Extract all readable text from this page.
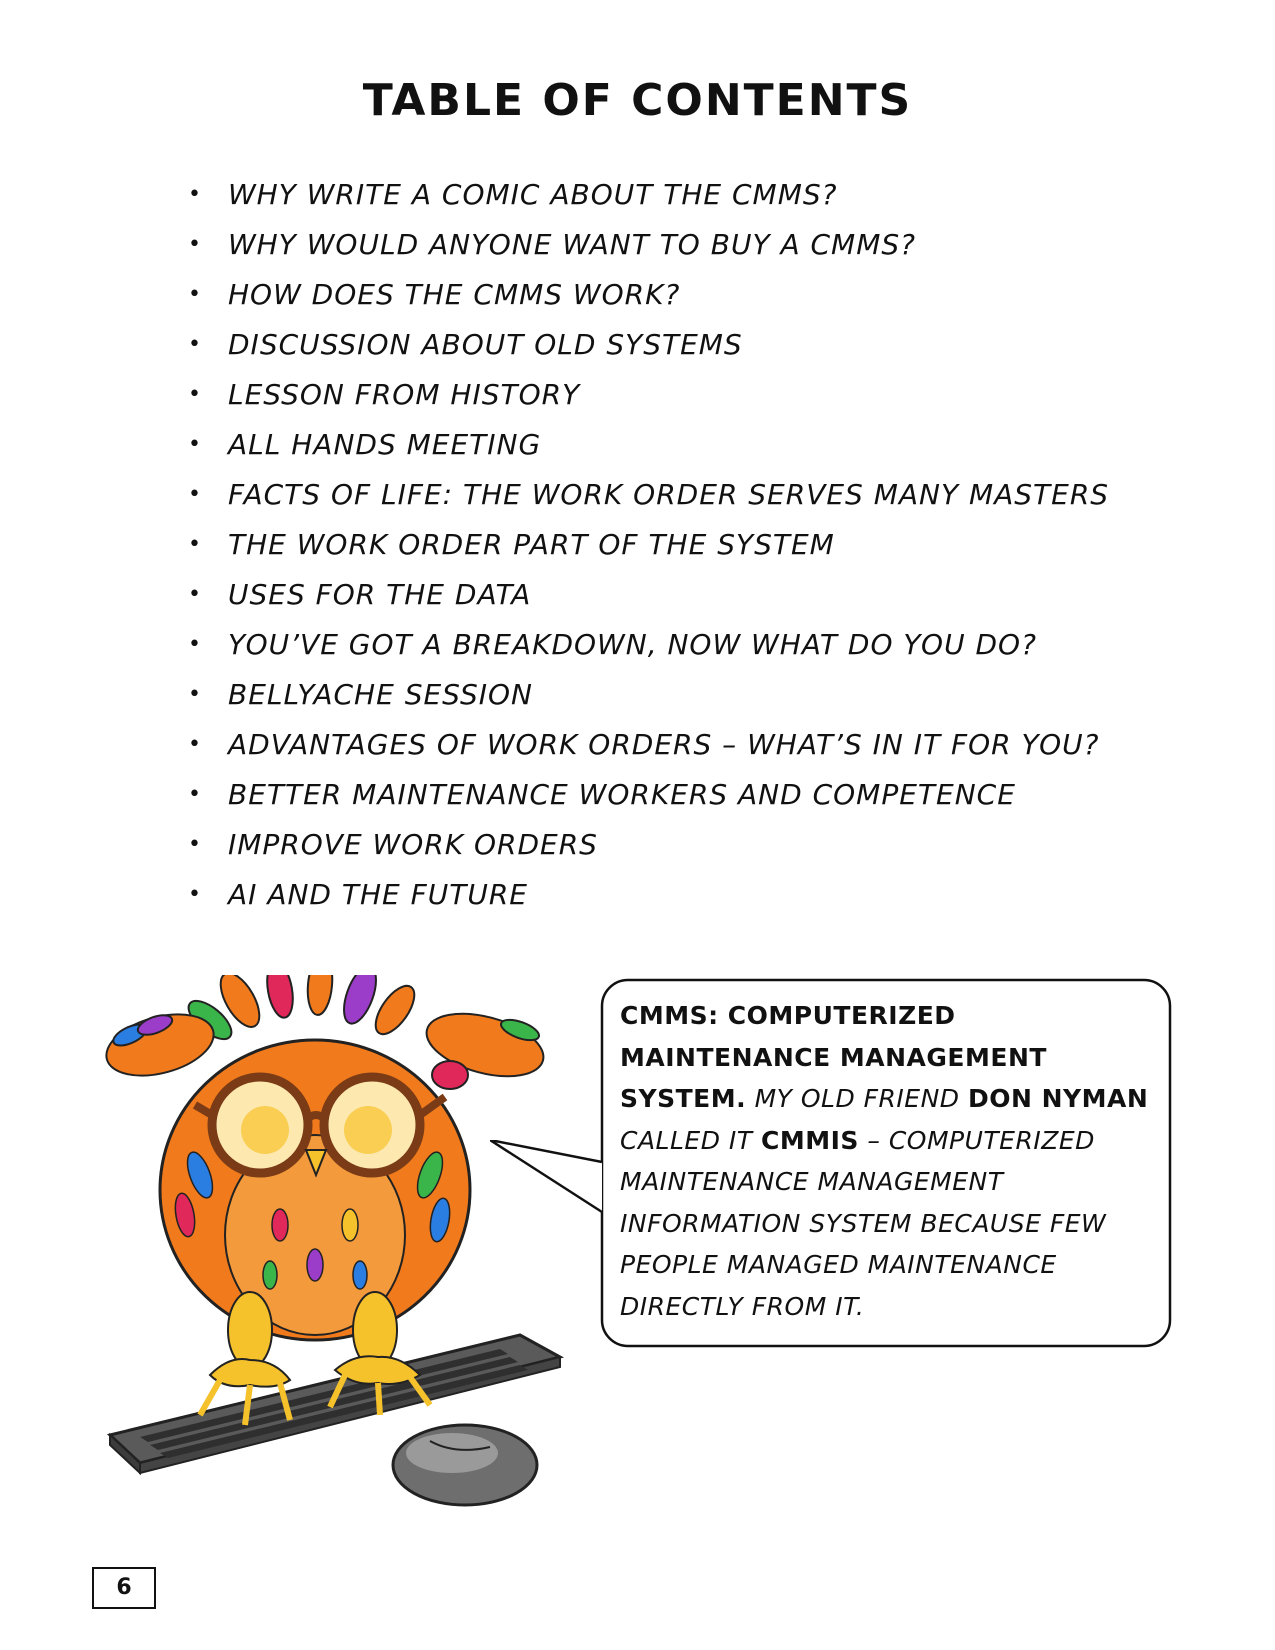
TABLE OF CONTENTS
• WHY WRITE A COMIC ABOUT THE CMMS?
• WHY WOULD ANYONE WANT TO BUY A CMMS?
• HOW DOES THE CMMS WORK?
• DISCUSSION ABOUT OLD SYSTEMS
• LESSON FROM HISTORY
• ALL HANDS MEETING
• FACTS OF LIFE: THE WORK ORDER SERVES MANY MASTERS
• THE WORK ORDER PART OF THE SYSTEM
• USES FOR THE DATA
• YOU’VE GOT A BREAKDOWN, NOW WHAT DO YOU DO?
• BELLYACHE SESSION
• ADVANTAGES OF WORK ORDERS – WHAT’S IN IT FOR YOU?
• BETTER MAINTENANCE WORKERS AND COMPETENCE
• IMPROVE WORK ORDERS
• AI AND THE FUTURE
CMMS: COMPUTERIZED
MAINTENANCE MANAGEMENT
SYSTEM. MY OLD FRIEND DON NYMAN
CALLED IT CMMIS – COMPUTERIZED
MAINTENANCE MANAGEMENT
INFORMATION SYSTEM BECAUSE FEW
PEOPLE MANAGED MAINTENANCE
DIRECTLY FROM IT.
6
